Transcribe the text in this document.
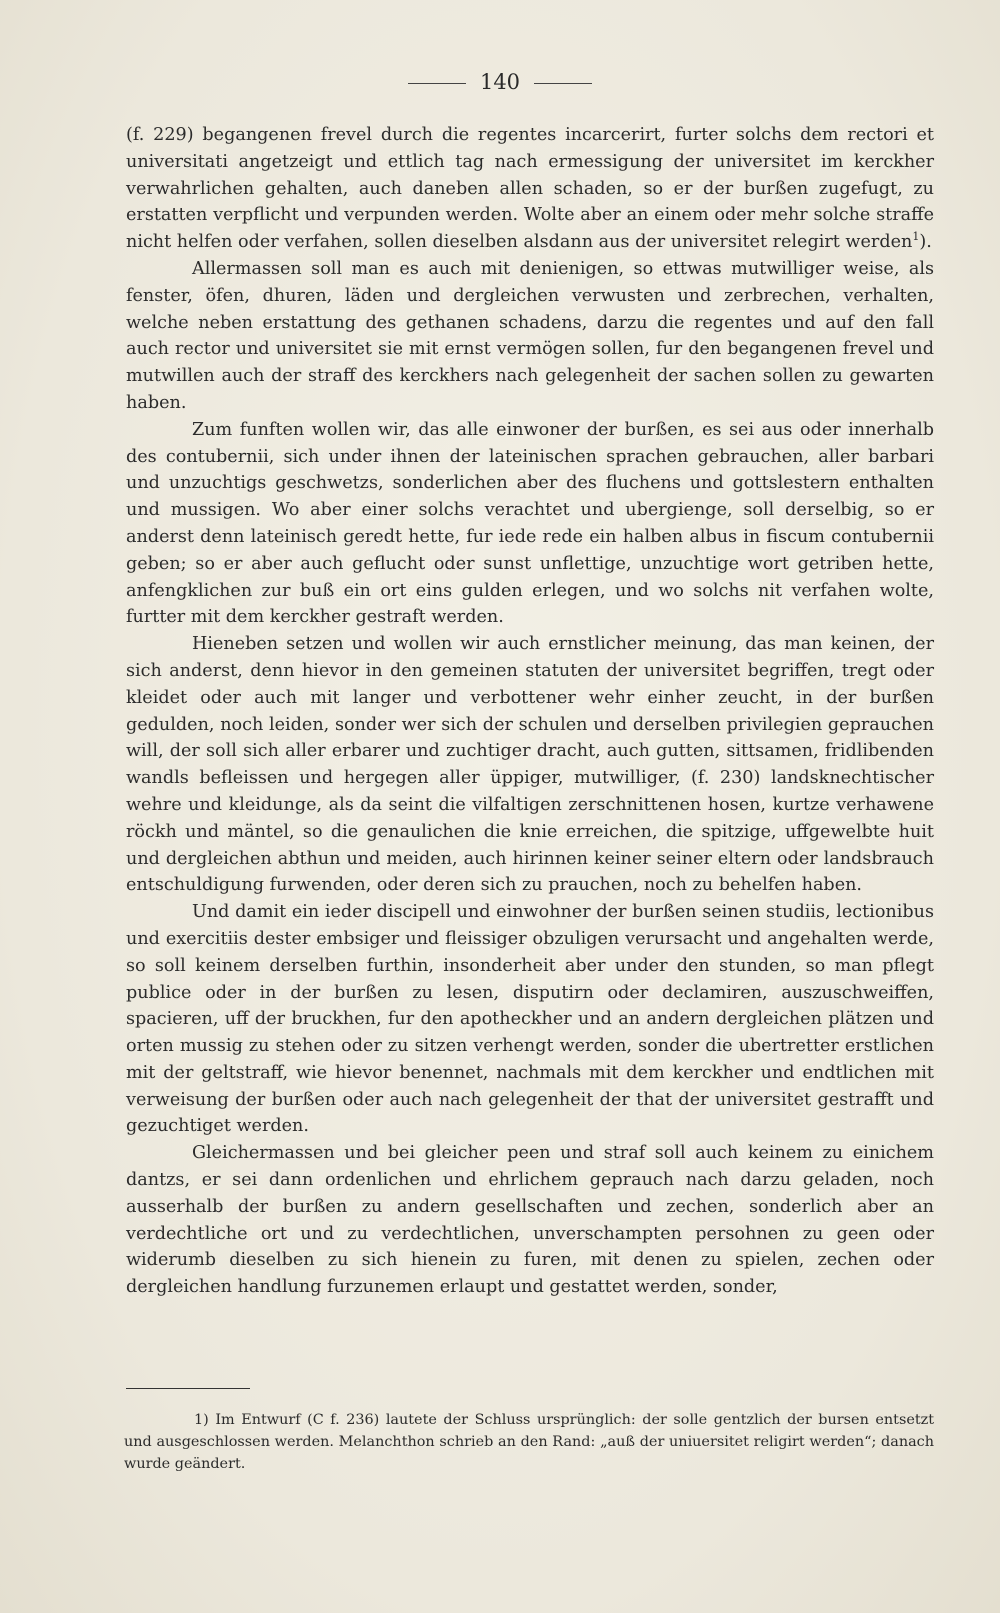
140

(f. 229) begangenen frevel durch die regentes incarcerirt, furter solchs dem rectori et universitati angetzeigt und ettlich tag nach ermessigung der universitet im kerckher verwahrlichen gehalten, auch daneben allen schaden, so er der burßen zugefugt, zu erstatten verpflicht und verpunden werden. Wolte aber an einem oder mehr solche straffe nicht helfen oder verfahen, sollen dieselben alsdann aus der universitet relegirt werden$^1$).

Allermassen soll man es auch mit denienigen, so ettwas mutwilliger weise, als fenster, öfen, dhuren, läden und dergleichen verwusten und zerbrechen, verhalten, welche neben erstattung des gethanen schadens, darzu die regentes und auf den fall auch rector und universitet sie mit ernst vermögen sollen, fur den begangenen frevel und mutwillen auch der straff des kerckhers nach gelegenheit der sachen sollen zu gewarten haben.

Zum funften wollen wir, das alle einwoner der burßen, es sei aus oder innerhalb des contubernii, sich under ihnen der lateinischen sprachen gebrauchen, aller barbari und unzuchtigs geschwetzs, sonderlichen aber des fluchens und gottslestern enthalten und mussigen. Wo aber einer solchs verachtet und ubergienge, soll derselbig, so er anderst denn lateinisch geredt hette, fur iede rede ein halben albus in fiscum contubernii geben; so er aber auch geflucht oder sunst unflettige, unzuchtige wort getriben hette, anfengklichen zur buß ein ort eins gulden erlegen, und wo solchs nit verfahen wolte, furtter mit dem kerckher gestraft werden.

Hieneben setzen und wollen wir auch ernstlicher meinung, das man keinen, der sich anderst, denn hievor in den gemeinen statuten der universitet begriffen, tregt oder kleidet oder auch mit langer und verbottener wehr einher zeucht, in der burßen gedulden, noch leiden, sonder wer sich der schulen und derselben privilegien geprauchen will, der soll sich aller erbarer und zuchtiger dracht, auch gutten, sittsamen, fridlibenden wandls befleissen und hergegen aller üppiger, mutwilliger, (f. 230) landsknechtischer wehre und kleidunge, als da seint die vilfaltigen zerschnittenen hosen, kurtze verhawene röckh und mäntel, so die genaulichen die knie erreichen, die spitzige, uffgewelbte huit und dergleichen abthun und meiden, auch hirinnen keiner seiner eltern oder landsbrauch entschuldigung furwenden, oder deren sich zu prauchen, noch zu behelfen haben.

Und damit ein ieder discipell und einwohner der burßen seinen studiis, lectionibus und exercitiis dester embsiger und fleissiger obzuligen verursacht und angehalten werde, so soll keinem derselben furthin, insonderheit aber under den stunden, so man pflegt publice oder in der burßen zu lesen, disputirn oder declamiren, auszuschweiffen, spacieren, uff der bruckhen, fur den apotheckher und an andern dergleichen plätzen und orten mussig zu stehen oder zu sitzen verhengt werden, sonder die ubertretter erstlichen mit der geltstraff, wie hievor benennet, nachmals mit dem kerckher und endtlichen mit verweisung der burßen oder auch nach gelegenheit der that der universitet gestrafft und gezuchtiget werden.

Gleichermassen und bei gleicher peen und straf soll auch keinem zu einichem dantzs, er sei dann ordenlichen und ehrlichem geprauch nach darzu geladen, noch ausserhalb der burßen zu andern gesellschaften und zechen, sonderlich aber an verdechtliche ort und zu verdechtlichen, unverschampten persohnen zu geen oder widerumb dieselben zu sich hienein zu furen, mit denen zu spielen, zechen oder dergleichen handlung furzunemen erlaupt und gestattet werden, sonder,

1) Im Entwurf (C f. 236) lautete der Schluss ursprünglich: der solle gentzlich der bursen entsetzt und ausgeschlossen werden. Melanchthon schrieb an den Rand: „auß der uniuersitet religirt werden“; danach wurde geändert.
